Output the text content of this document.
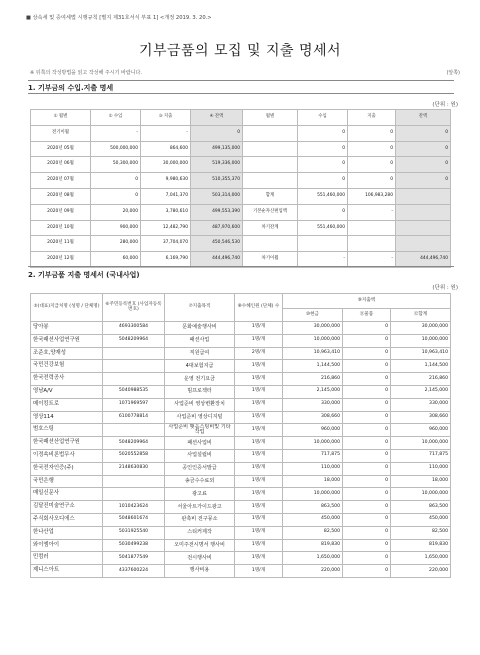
■ 상속세 및 증여세법 시행규칙 [별지 제31호서식 부표 1] <개정 2019. 3. 20.>
기부금품의 모집 및 지출 명세서
※ 뒤쪽의 작성방법을 읽고 작성해 주시기 바랍니다.	(앞쪽)
1. 기부금의 수입.지출 명세
(단위 : 원)
① 월별	② 수입	③ 지출	④ 잔액	월별	수입	지출	잔액
전기이월	-	-	0		0	0	0
2020년 05월	500,000,000	864,600	499,135,000		0	0	0
2020년 06월	50,300,000	30,000,000	519,336,000		0	0	0
2020년 07월	0	9,980,630	510,355,370		0	0	0
2020년 08월	0	7,041,370	503,314,000	합계	551,460,000	106,983,280	
2020년 09월	20,000	3,780,610	499,553,390	기본순자산편입액	0	-	
2020년 10월	900,000	12,482,790	487,970,600	차기잔계	551,460,000		
2020년 11월	280,000	37,704,070	450,546,530				
2020년 12월	60,000	6,169,790	444,496,740	차기이월	-	-	444,496,740
2. 기부금품 지출 명세서 (국내사업)
(단위 : 원)
⑤(대표)지급처명 (성명 / 단체명)	⑥주민등록번호 (사업자등록번호)	⑦지출목적	⑧수혜인원 (단체) 수	⑨지출액		
				⑩현금	⑪물품	⑫합계
당아봉	4693300584	문화예술행사비	1명/개	30,000,000	0	30,000,000
한국패션사업연구원	5048209964	패션사업	1명/개	10,000,000	0	10,000,000
조준호,양재성		직원급여	2명/개	10,963,410	0	10,963,410
국민건강보험		4대보험지급	1명/개	1,144,500	0	1,144,500
한국전력공사		운영 전기요금	1명/개	216,860	0	216,860
영남A/V	5040988535	빔프로젝터	1명/개	2,145,000	0	2,145,000
메이킹트로	1071969597	사업준비 영상변환장치	1명/개	330,000	0	330,000
영상114	6100778814	사업준비 영상디지털	1명/개	308,660	0	308,660
범호스팅		사업준비 맺음스팅비및 기타작업	1명/개	960,000	0	960,000
한국패션산업연구원	5048209964	패션사업비	1명/개	10,000,000	0	10,000,000
이정속비론법무사	5020552858	사업설립비	1명/개	717,875	0	717,875
한국전자인증(주)	2148630830	공인인증서발급	1명/개	110,000	0	110,000
국민은행		송금수수료외	1명/개	18,000	0	18,000
매일신문사		광고료	1명/개	10,000,000	0	10,000,000
김달진미술연구소	1010423624	서울아트가이드광고	1명/개	863,500	0	863,500
주식회사오디에스	5048601674	판촉비 전구뭉소	1명/개	450,000	0	450,000
한나산업	5031925540	스티커제작	1명/개	82,500	0	82,500
와이엠아이	5030499238	오미주전시명서 행사비	1명/개	819,830	0	819,830
민컴러	5041877549	전시행사비	1명/개	1,650,000	0	1,650,000
제니스아트	4337600224	행사비용	1명/개	220,000	0	220,000
